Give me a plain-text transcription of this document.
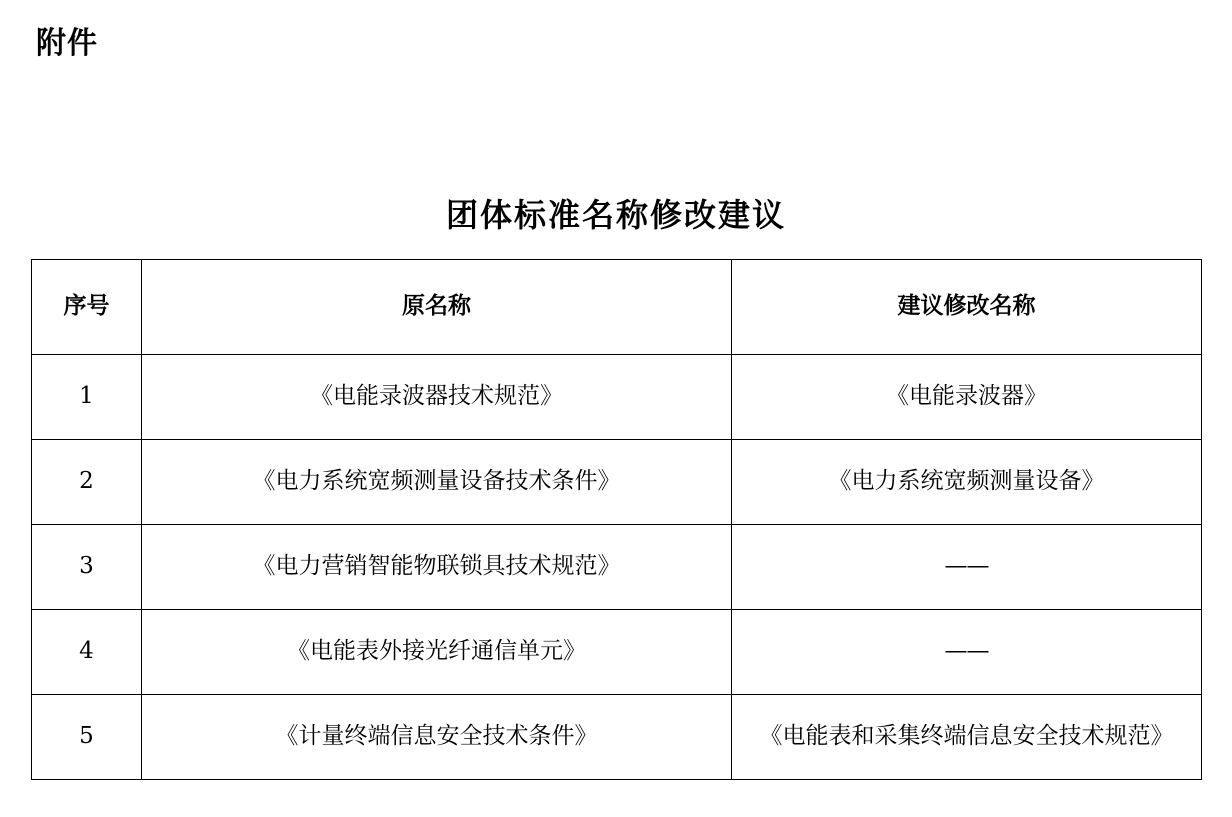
附件
团体标准名称修改建议
序号	原名称	建议修改名称
1	《电能录波器技术规范》	《电能录波器》
2	《电力系统宽频测量设备技术条件》	《电力系统宽频测量设备》
3	《电力营销智能物联锁具技术规范》	——
4	《电能表外接光纤通信单元》	——
5	《计量终端信息安全技术条件》	《电能表和采集终端信息安全技术规范》
